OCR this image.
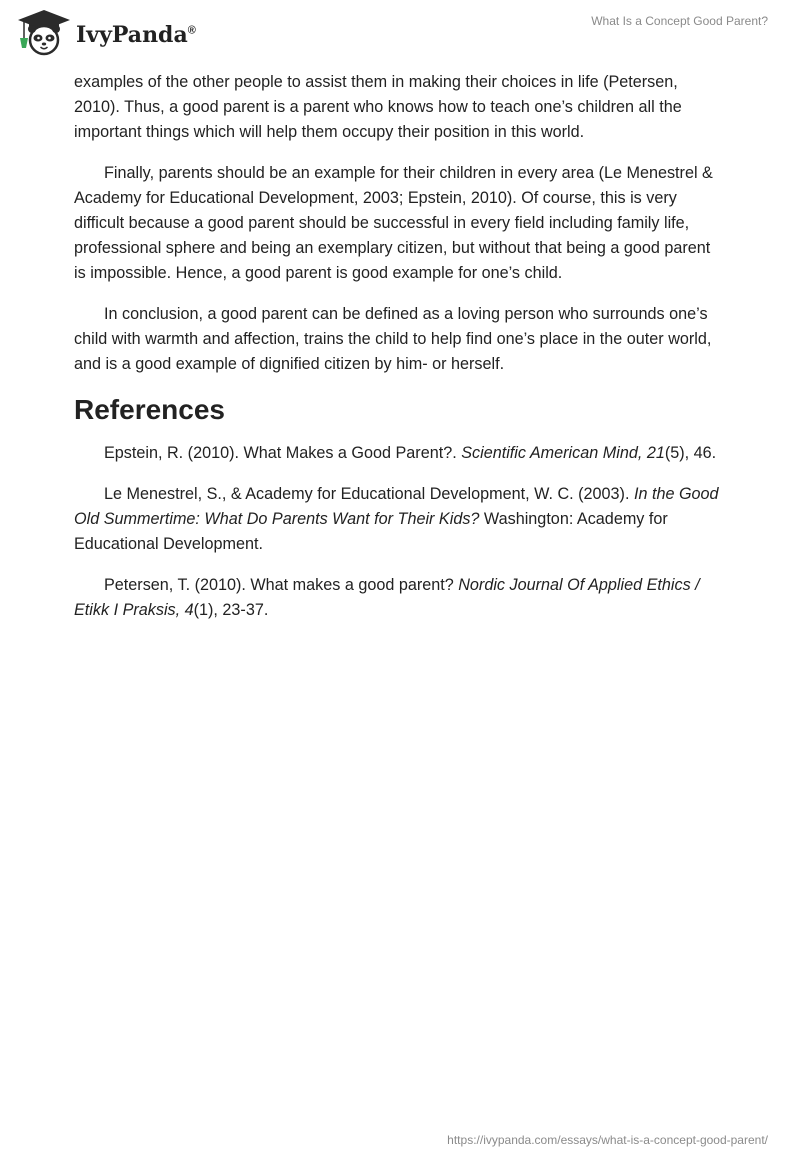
IvyPanda®
What Is a Concept Good Parent?

examples of the other people to assist them in making their choices in life (Petersen, 2010). Thus, a good parent is a parent who knows how to teach one’s children all the important things which will help them occupy their position in this world.

Finally, parents should be an example for their children in every area (Le Menestrel & Academy for Educational Development, 2003; Epstein, 2010). Of course, this is very difficult because a good parent should be successful in every field including family life, professional sphere and being an exemplary citizen, but without that being a good parent is impossible. Hence, a good parent is good example for one’s child.

In conclusion, a good parent can be defined as a loving person who surrounds one’s child with warmth and affection, trains the child to help find one’s place in the outer world, and is a good example of dignified citizen by him- or herself.

References

Epstein, R. (2010). What Makes a Good Parent?. Scientific American Mind, 21(5), 46.

Le Menestrel, S., & Academy for Educational Development, W. C. (2003). In the Good Old Summertime: What Do Parents Want for Their Kids? Washington: Academy for Educational Development.

Petersen, T. (2010). What makes a good parent? Nordic Journal Of Applied Ethics / Etikk I Praksis, 4(1), 23-37.

https://ivypanda.com/essays/what-is-a-concept-good-parent/
